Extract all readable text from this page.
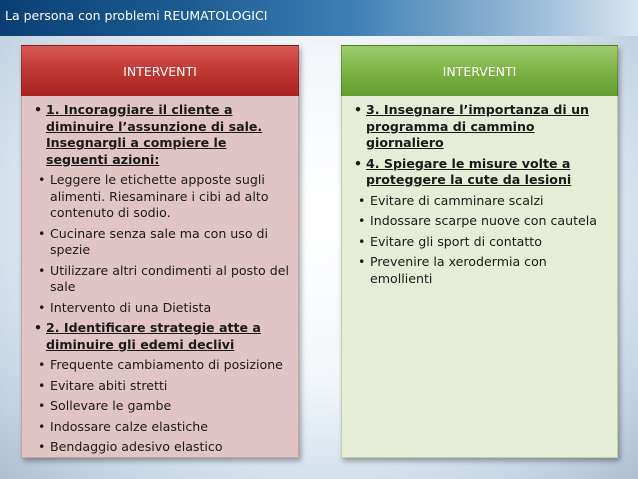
La persona con problemi REUMATOLOGICI
INTERVENTI
• 1. Incoraggiare il cliente a diminuire l’assunzione di sale. Insegnargli a compiere le seguenti azioni:
• Leggere le etichette apposte sugli alimenti. Riesaminare i cibi ad alto contenuto di sodio.
• Cucinare senza sale ma con uso di spezie
• Utilizzare altri condimenti al posto del sale
• Intervento di una Dietista
• 2. Identificare strategie atte a diminuire gli edemi declivi
• Frequente cambiamento di posizione
• Evitare abiti stretti
• Sollevare le gambe
• Indossare calze elastiche
• Bendaggio adesivo elastico
INTERVENTI
• 3. Insegnare l’importanza di un programma di cammino giornaliero
• 4. Spiegare le misure volte a proteggere la cute da lesioni
• Evitare di camminare scalzi
• Indossare scarpe nuove con cautela
• Evitare gli sport di contatto
• Prevenire la xerodermia con emollienti
